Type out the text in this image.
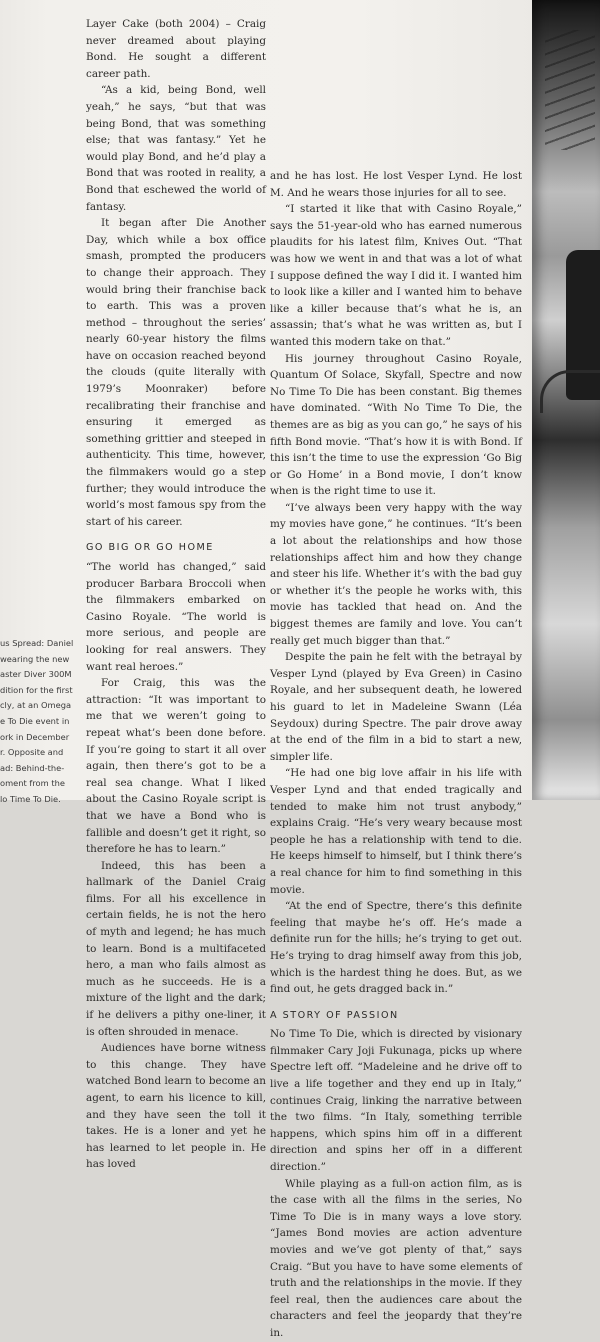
Layer Cake (both 2004) – Craig never dreamed about playing Bond. He sought a different career path.

“As a kid, being Bond, well yeah,” he says, “but that was being Bond, that was something else; that was fantasy.” Yet he would play Bond, and he’d play a Bond that was rooted in reality, a Bond that eschewed the world of fantasy.

It began after Die Another Day, which while a box office smash, prompted the producers to change their approach. They would bring their franchise back to earth. This was a proven method – throughout the series’ nearly 60-year history the films have on occasion reached beyond the clouds (quite literally with 1979’s Moonraker) before recalibrating their franchise and ensuring it emerged as something grittier and steeped in authenticity. This time, however, the filmmakers would go a step further; they would introduce the world’s most famous spy from the start of his career.

GO BIG OR GO HOME

“The world has changed,” said producer Barbara Broccoli when the filmmakers embarked on Casino Royale. “The world is more serious, and people are looking for real answers. They want real heroes.”

For Craig, this was the attraction: “It was important to me that we weren’t going to repeat what’s been done before. If you’re going to start it all over again, then there’s got to be a real sea change. What I liked about the Casino Royale script is that we have a Bond who is fallible and doesn’t get it right, so therefore he has to learn.”

Indeed, this has been a hallmark of the Daniel Craig films. For all his excellence in certain fields, he is not the hero of myth and legend; he has much to learn. Bond is a multifaceted hero, a man who fails almost as much as he succeeds. He is a mixture of the light and the dark; if he delivers a pithy one-liner, it is often shrouded in menace.

Audiences have borne witness to this change. They have watched Bond learn to become an agent, to earn his licence to kill, and they have seen the toll it takes. He is a loner and yet he has learned to let people in. He has loved

and he has lost. He lost Vesper Lynd. He lost M. And he wears those injuries for all to see.

“I started it like that with Casino Royale,” says the 51-year-old who has earned numerous plaudits for his latest film, Knives Out. “That was how we went in and that was a lot of what I suppose defined the way I did it. I wanted him to look like a killer and I wanted him to behave like a killer because that’s what he is, an assassin; that’s what he was written as, but I wanted this modern take on that.”

His journey throughout Casino Royale, Quantum Of Solace, Skyfall, Spectre and now No Time To Die has been constant. Big themes have dominated. “With No Time To Die, the themes are as big as you can go,” he says of his fifth Bond movie. “That’s how it is with Bond. If this isn’t the time to use the expression ‘Go Big or Go Home’ in a Bond movie, I don’t know when is the right time to use it.

“I’ve always been very happy with the way my movies have gone,” he continues. “It’s been a lot about the relationships and how those relationships affect him and how they change and steer his life. Whether it’s with the bad guy or whether it’s the people he works with, this movie has tackled that head on. And the biggest themes are family and love. You can’t really get much bigger than that.”

Despite the pain he felt with the betrayal by Vesper Lynd (played by Eva Green) in Casino Royale, and her subsequent death, he lowered his guard to let in Madeleine Swann (Léa Seydoux) during Spectre. The pair drove away at the end of the film in a bid to start a new, simpler life.

“He had one big love affair in his life with Vesper Lynd and that ended tragically and tended to make him not trust anybody,” explains Craig. “He’s very weary because most people he has a relationship with tend to die. He keeps himself to himself, but I think there’s a real chance for him to find something in this movie.

“At the end of Spectre, there’s this definite feeling that maybe he’s off. He’s made a definite run for the hills; he’s trying to get out. He’s trying to drag himself away from this job, which is the hardest thing he does. But, as we find out, he gets dragged back in.”

A STORY OF PASSION

No Time To Die, which is directed by visionary filmmaker Cary Joji Fukunaga, picks up where Spectre left off. “Madeleine and he drive off to live a life together and they end up in Italy,” continues Craig, linking the narrative between the two films. “In Italy, something terrible happens, which spins him off in a different direction and spins her off in a different direction.”

While playing as a full-on action film, as is the case with all the films in the series, No Time To Die is in many ways a love story. “James Bond movies are action adventure movies and we’ve got plenty of that,” says Craig. “But you have to have some elements of truth and the relationships in the movie. If they feel real, then the audiences care about the characters and feel the jeopardy that they’re in.

us Spread: Daniel
wearing the new
aster Diver 300M
dition for the first
cly, at an Omega
e To Die event in
ork in December
r. Opposite and
ad: Behind-the-
oment from the
lo Time To Die.
